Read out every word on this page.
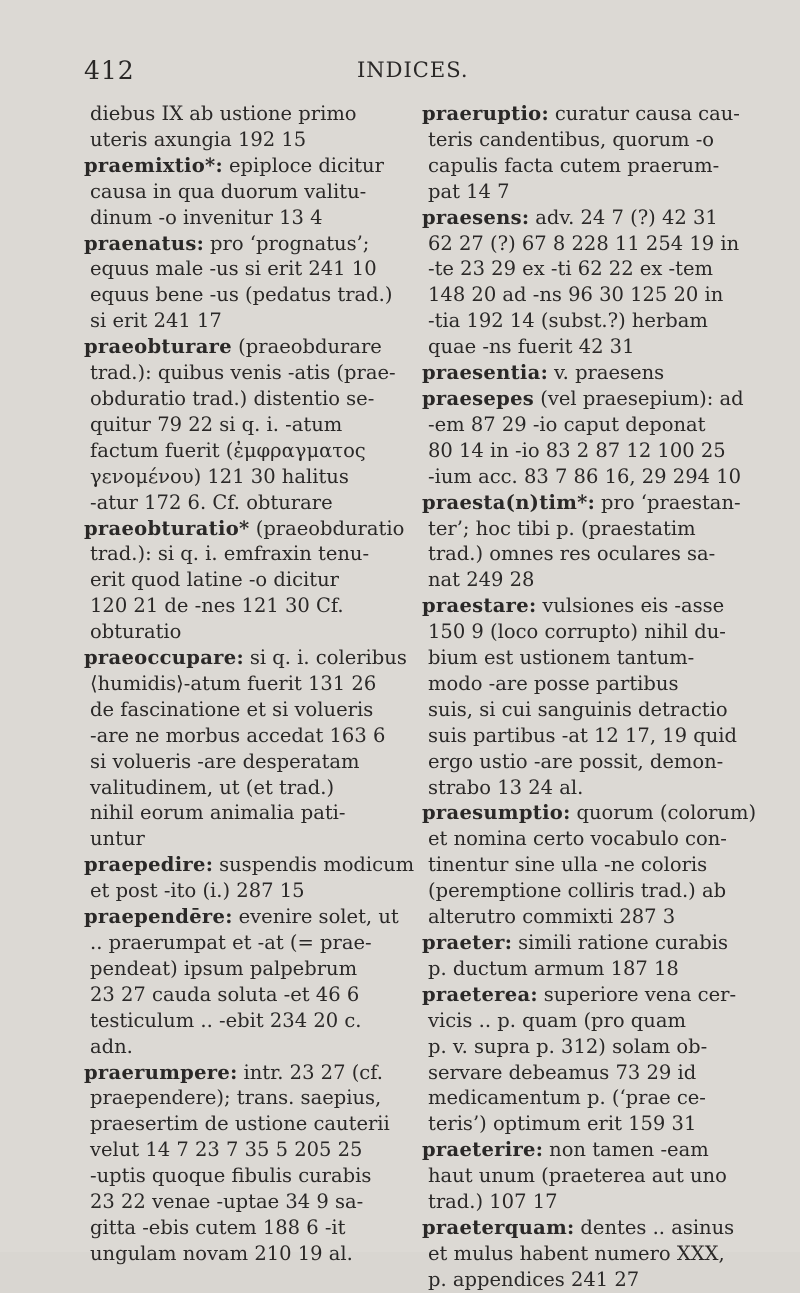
412	INDICES.
diebus IX ab ustione primo
uteris axungia 192 15
praemixtio*: epiploce dicitur
causa in qua duorum valitu-
dinum -o invenitur 13 4
praenatus: pro ‘prognatus’;
equus male -us si erit 241 10
equus bene -us (pedatus trad.)
si erit 241 17
praeobturare (praeobdurare
trad.): quibus venis -atis (prae-
obduratio trad.) distentio se-
quitur 79 22 si q. i. -atum
factum fuerit (ἐμφραγματος
γενομένου) 121 30 halitus
-atur 172 6. Cf. obturare
praeobturatio* (praeobduratio
trad.): si q. i. emfraxin tenu-
erit quod latine -o dicitur
120 21 de -nes 121 30 Cf.
obturatio
praeoccupare: si q. i. coleribus
⟨humidis⟩-atum fuerit 131 26
de fascinatione et si volueris
-are ne morbus accedat 163 6
si volueris -are desperatam
valitudinem, ut (et trad.)
nihil eorum animalia pati-
untur
praepedire: suspendis modicum
et post -ito (i.) 287 15
praependēre: evenire solet, ut
.. praerumpat et -at (= prae-
pendeat) ipsum palpebrum
23 27 cauda soluta -et 46 6
testiculum .. -ebit 234 20 c.
adn.
praerumpere: intr. 23 27 (cf.
praependere); trans. saepius,
praesertim de ustione cauterii
velut 14 7 23 7 35 5 205 25
-uptis quoque fibulis curabis
23 22 venae -uptae 34 9 sa-
gitta -ebis cutem 188 6 -it
ungulam novam 210 19 al.
praeruptio: curatur causa cau-
teris candentibus, quorum -o
capulis facta cutem praerum-
pat 14 7
praesens: adv. 24 7 (?) 42 31
62 27 (?) 67 8 228 11 254 19 in
-te 23 29 ex -ti 62 22 ex -tem
148 20 ad -ns 96 30 125 20 in
-tia 192 14 (subst.?) herbam
quae -ns fuerit 42 31
praesentia: v. praesens
praesepes (vel praesepium): ad
-em 87 29 -io caput deponat
80 14 in -io 83 2 87 12 100 25
-ium acc. 83 7 86 16, 29 294 10
praesta(n)tim*: pro ‘praestan-
ter’; hoc tibi p. (praestatim
trad.) omnes res oculares sa-
nat 249 28
praestare: vulsiones eis -asse
150 9 (loco corrupto) nihil du-
bium est ustionem tantum-
modo -are posse partibus
suis, si cui sanguinis detractio
suis partibus -at 12 17, 19 quid
ergo ustio -are possit, demon-
strabo 13 24 al.
praesumptio: quorum (colorum)
et nomina certo vocabulo con-
tinentur sine ulla -ne coloris
(peremptione colliris trad.) ab
alterutro commixti 287 3
praeter: simili ratione curabis
p. ductum armum 187 18
praeterea: superiore vena cer-
vicis .. p. quam (pro quam
p. v. supra p. 312) solam ob-
servare debeamus 73 29 id
medicamentum p. (‘prae ce-
teris’) optimum erit 159 31
praeterire: non tamen -eam
haut unum (praeterea aut uno
trad.) 107 17
praeterquam: dentes .. asinus
et mulus habent numero XXX,
p. appendices 241 27
